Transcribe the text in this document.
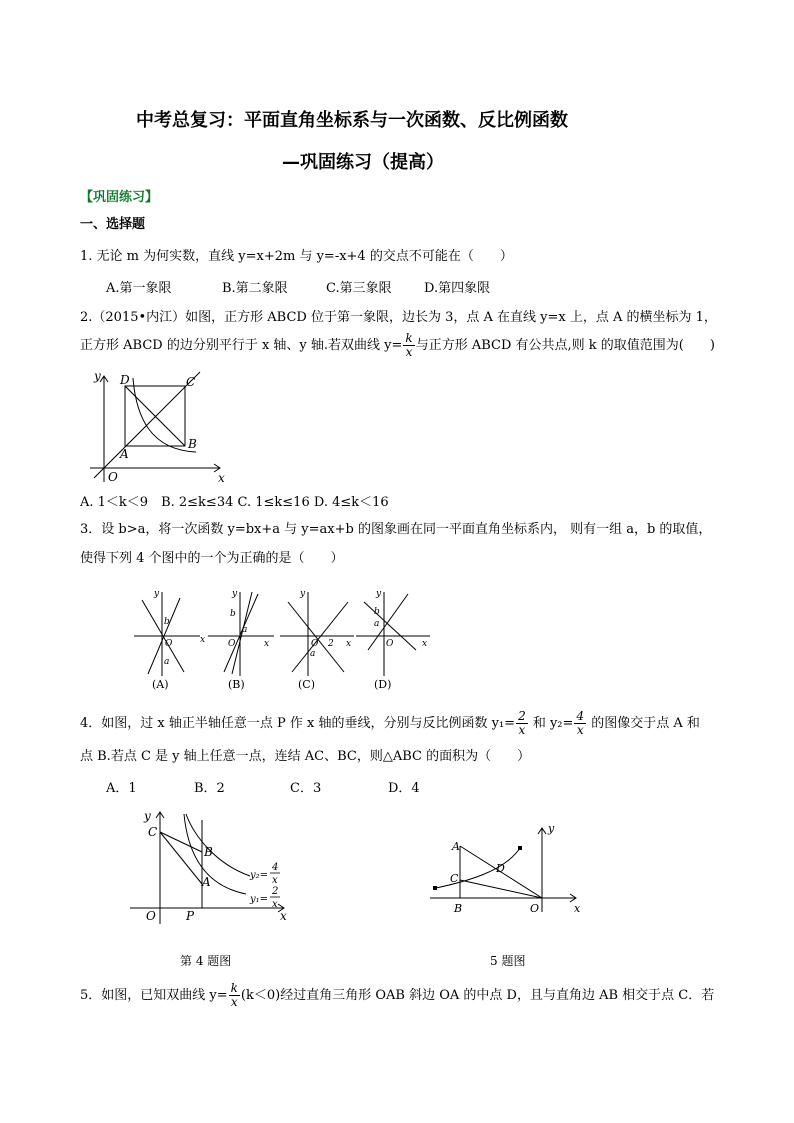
中考总复习：平面直角坐标系与一次函数、反比例函数
—巩固练习（提高）
【巩固练习】
一、选择题
1. 无论 m 为何实数，直线 y=x+2m 与 y=-x+4 的交点不可能在（　　）
A.第一象限	B.第二象限	C.第三象限 D.第四象限
2.（2015•内江）如图，正方形 ABCD 位于第一象限，边长为 3，点 A 在直线 y=x 上，点 A 的横坐标为 1，
正方形 ABCD 的边分别平行于 x 轴、y 轴.若双曲线 $y= \frac{k}{x}$ 与正方形 ABCD 有公共点,则 k 的取值范围为(　　)
y
x
O
A
B
C
D
A. 1＜k＜9　B. 2≤k≤34 C. 1≤k≤16 D. 4≤k＜16
3．设 b>a，将一次函数 y=bx+a 与 y=ax+b 的图象画在同一平面直角坐标系内， 则有一组 a，b 的取值，
使得下列 4 个图中的一个为正确的是（　　）
y
x
O
b
a
y
x
O
b
a
y
x
O 2
a
y
x
O
b
a
(A)	(B)	(C)	(D)
4．如图，过 x 轴正半轴任意一点 P 作 x 轴的垂线，分别与反比例函数 $y_1= \frac{2}{x}$ 和 $y_2= \frac{4}{x}$ 的图像交于点 A 和
点 B.若点 C 是 y 轴上任意一点，连结 AC、BC，则△ABC 的面积为（　　）
A．1	B．2	C．3	D．4
y
x
O	P
C
B
A	y₂=
4
x
y₁=
2
x
y
x
O
A
B
C
D
第 4 题图	5 题图
5．如图，已知双曲线 $y= \frac{k}{x} (k<0)$经过直角三角形 OAB 斜边 OA 的中点 D，且与直角边 AB 相交于点 C．若
